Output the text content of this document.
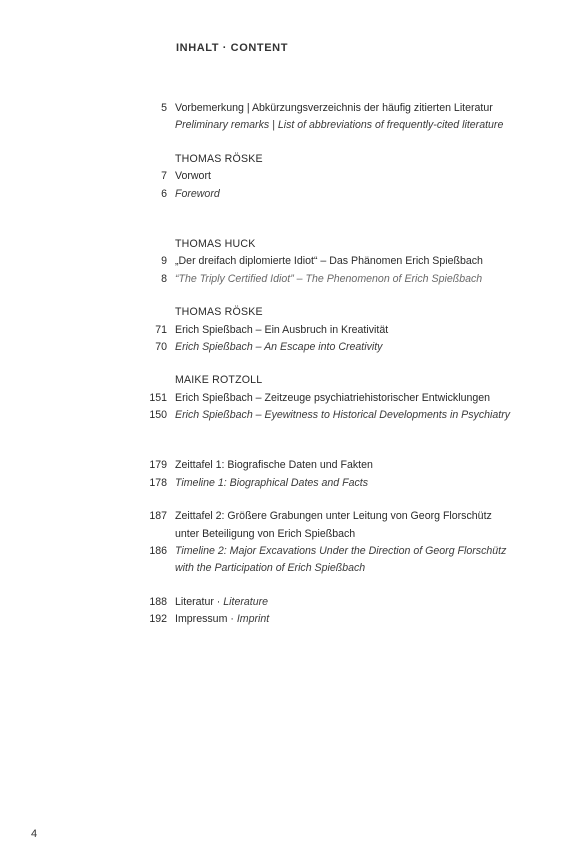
INHALT · CONTENT
5 Vorbemerkung | Abkürzungsverzeichnis der häufig zitierten Literatur
Preliminary remarks | List of abbreviations of frequently-cited literature
THOMAS RÖSKE
7 Vorwort
6 Foreword
THOMAS HUCK
9 „Der dreifach diplomierte Idiot“ – Das Phänomen Erich Spießbach
8 “The Triply Certified Idiot” – The Phenomenon of Erich Spießbach
THOMAS RÖSKE
71 Erich Spießbach – Ein Ausbruch in Kreativität
70 Erich Spießbach – An Escape into Creativity
MAIKE ROTZOLL
151 Erich Spießbach – Zeitzeuge psychiatriehistorischer Entwicklungen
150 Erich Spießbach – Eyewitness to Historical Developments in Psychiatry
179 Zeittafel 1: Biografische Daten und Fakten
178 Timeline 1: Biographical Dates and Facts
187 Zeittafel 2: Größere Grabungen unter Leitung von Georg Florschütz
unter Beteiligung von Erich Spießbach
186 Timeline 2: Major Excavations Under the Direction of Georg Florschütz
with the Participation of Erich Spießbach
188 Literatur · Literature
192 Impressum · Imprint
4
